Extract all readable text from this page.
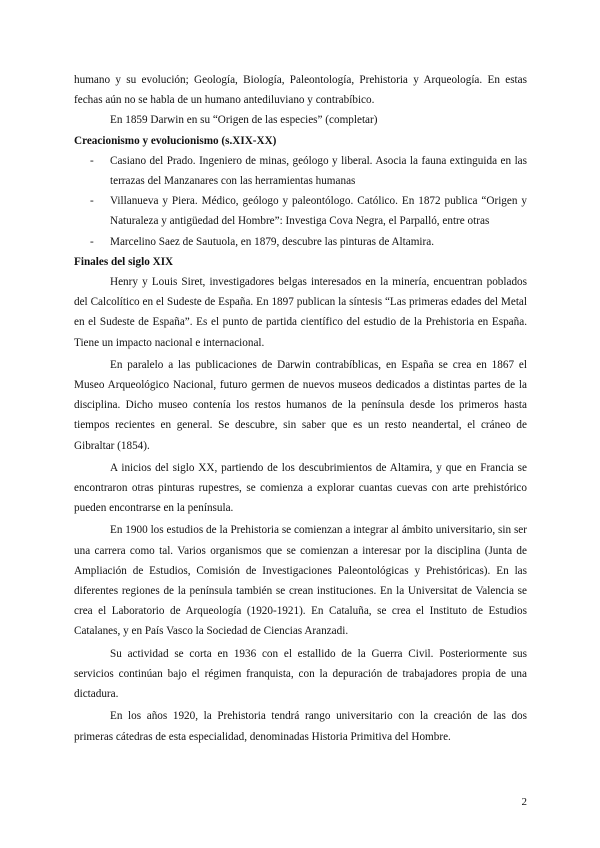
humano y su evolución; Geología, Biología, Paleontología, Prehistoria y Arqueología. En estas fechas aún no se habla de un humano antediluviano y contrabíbico.

En 1859 Darwin en su “Origen de las especies” (completar)

Creacionismo y evolucionismo (s.XIX-XX)
- Casiano del Prado. Ingeniero de minas, geólogo y liberal. Asocia la fauna extinguida en las terrazas del Manzanares con las herramientas humanas
- Villanueva y Piera. Médico, geólogo y paleontólogo. Católico. En 1872 publica “Origen y Naturaleza y antigüedad del Hombre”: Investiga Cova Negra, el Parpalló, entre otras
- Marcelino Saez de Sautuola, en 1879, descubre las pinturas de Altamira.
Finales del siglo XIX

Henry y Louis Siret, investigadores belgas interesados en la minería, encuentran poblados del Calcolítico en el Sudeste de España. En 1897 publican la síntesis “Las primeras edades del Metal en el Sudeste de España”. Es el punto de partida científico del estudio de la Prehistoria en España. Tiene un impacto nacional e internacional.

En paralelo a las publicaciones de Darwin contrabíblicas, en España se crea en 1867 el Museo Arqueológico Nacional, futuro germen de nuevos museos dedicados a distintas partes de la disciplina. Dicho museo contenía los restos humanos de la península desde los primeros hasta tiempos recientes en general. Se descubre, sin saber que es un resto neandertal, el cráneo de Gibraltar (1854).

A inicios del siglo XX, partiendo de los descubrimientos de Altamira, y que en Francia se encontraron otras pinturas rupestres, se comienza a explorar cuantas cuevas con arte prehistórico pueden encontrarse en la península.

En 1900 los estudios de la Prehistoria se comienzan a integrar al ámbito universitario, sin ser una carrera como tal. Varios organismos que se comienzan a interesar por la disciplina (Junta de Ampliación de Estudios, Comisión de Investigaciones Paleontológicas y Prehistóricas). En las diferentes regiones de la península también se crean instituciones. En la Universitat de Valencia se crea el Laboratorio de Arqueología (1920-1921). En Cataluña, se crea el Instituto de Estudios Catalanes, y en País Vasco la Sociedad de Ciencias Aranzadi.

Su actividad se corta en 1936 con el estallido de la Guerra Civil. Posteriormente sus servicios continúan bajo el régimen franquista, con la depuración de trabajadores propia de una dictadura.

En los años 1920, la Prehistoria tendrá rango universitario con la creación de las dos primeras cátedras de esta especialidad, denominadas Historia Primitiva del Hombre.

2
